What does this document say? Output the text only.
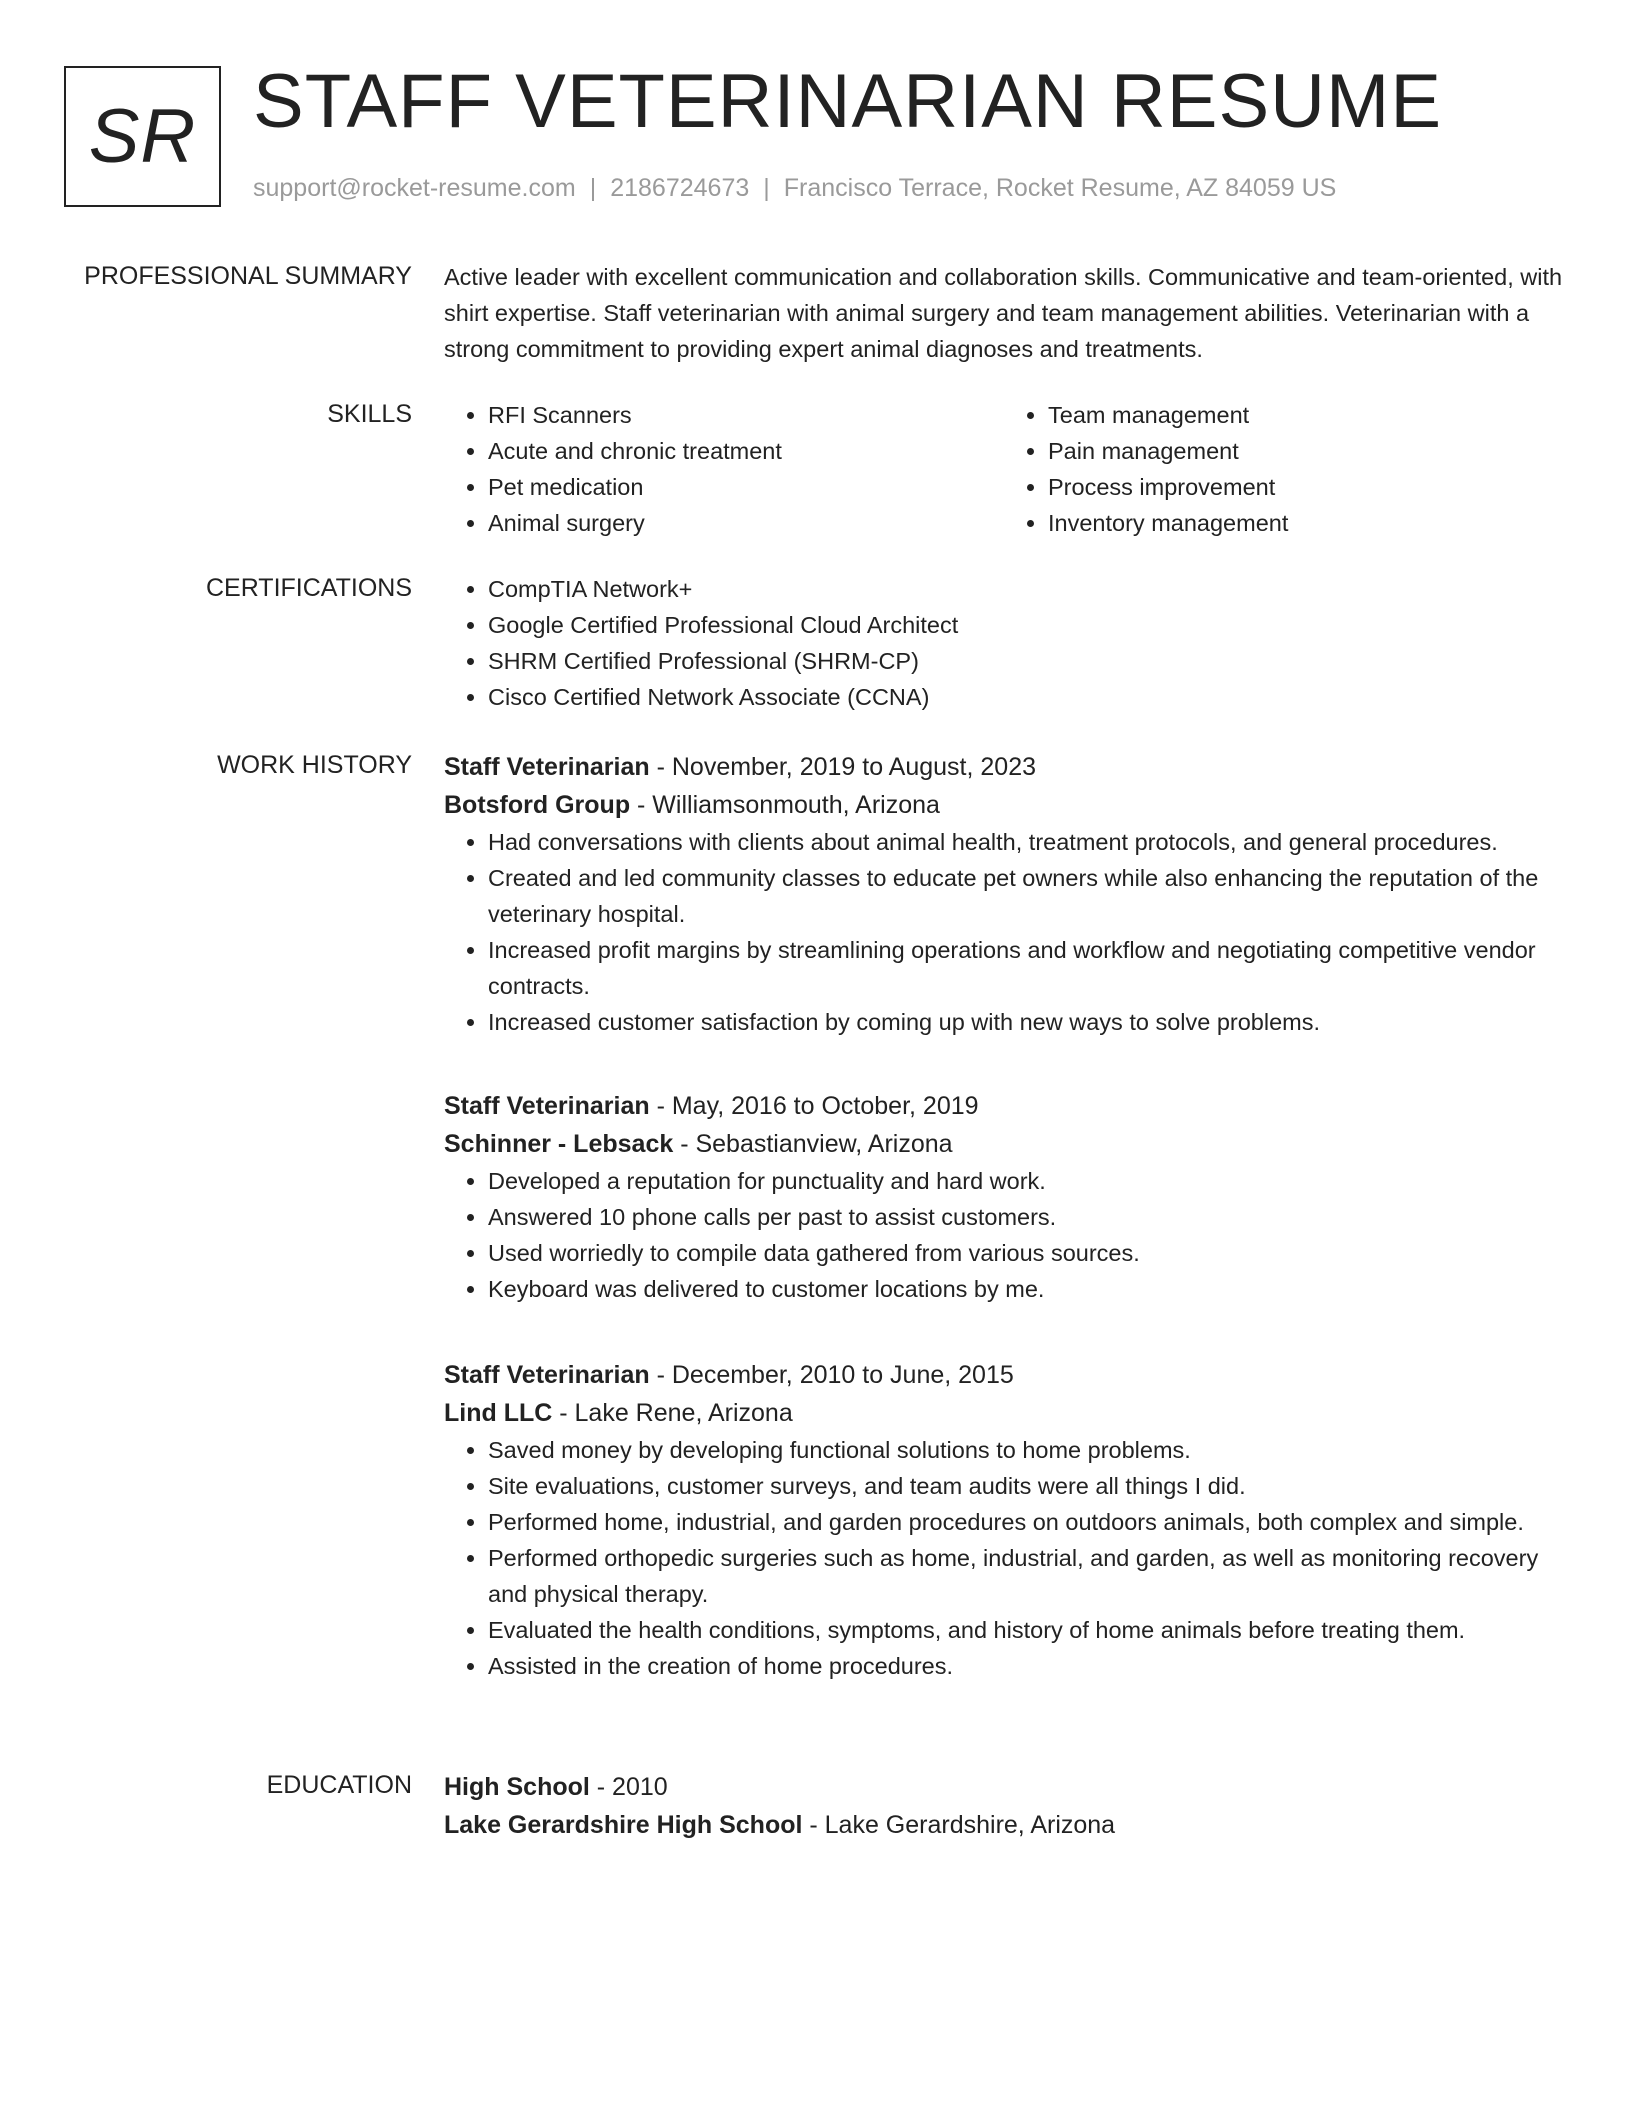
SR STAFF VETERINARIAN RESUME
support@rocket-resume.com | 2186724673 | Francisco Terrace, Rocket Resume, AZ 84059 US
PROFESSIONAL SUMMARY Active leader with excellent communication and collaboration skills. Communicative and team-oriented, with shirt expertise. Staff veterinarian with animal surgery and team management abilities. Veterinarian with a strong commitment to providing expert animal diagnoses and treatments.

SKILLS	• RFI Scanners
• Acute and chronic treatment
• Pet medication
• Animal surgery
• Team management
• Pain management
• Process improvement
• Inventory management
CERTIFICATIONS	• CompTIA Network+
• Google Certified Professional Cloud Architect
• SHRM Certified Professional (SHRM-CP)
• Cisco Certified Network Associate (CCNA)
WORK HISTORY Staff Veterinarian - November, 2019 to August, 2023
Botsford Group - Williamsonmouth, Arizona
• Had conversations with clients about animal health, treatment protocols, and general procedures.
• Created and led community classes to educate pet owners while also enhancing the reputation of the veterinary hospital.
• Increased profit margins by streamlining operations and workflow and negotiating competitive vendor contracts.
• Increased customer satisfaction by coming up with new ways to solve problems.
Staff Veterinarian - May, 2016 to October, 2019
Schinner - Lebsack - Sebastianview, Arizona
• Developed a reputation for punctuality and hard work.
• Answered 10 phone calls per past to assist customers.
• Used worriedly to compile data gathered from various sources.
• Keyboard was delivered to customer locations by me.
Staff Veterinarian - December, 2010 to June, 2015
Lind LLC - Lake Rene, Arizona
• Saved money by developing functional solutions to home problems.
• Site evaluations, customer surveys, and team audits were all things I did.
• Performed home, industrial, and garden procedures on outdoors animals, both complex and simple.
• Performed orthopedic surgeries such as home, industrial, and garden, as well as monitoring recovery and physical therapy.
• Evaluated the health conditions, symptoms, and history of home animals before treating them.
• Assisted in the creation of home procedures.
EDUCATION High School - 2010
Lake Gerardshire High School - Lake Gerardshire, Arizona
